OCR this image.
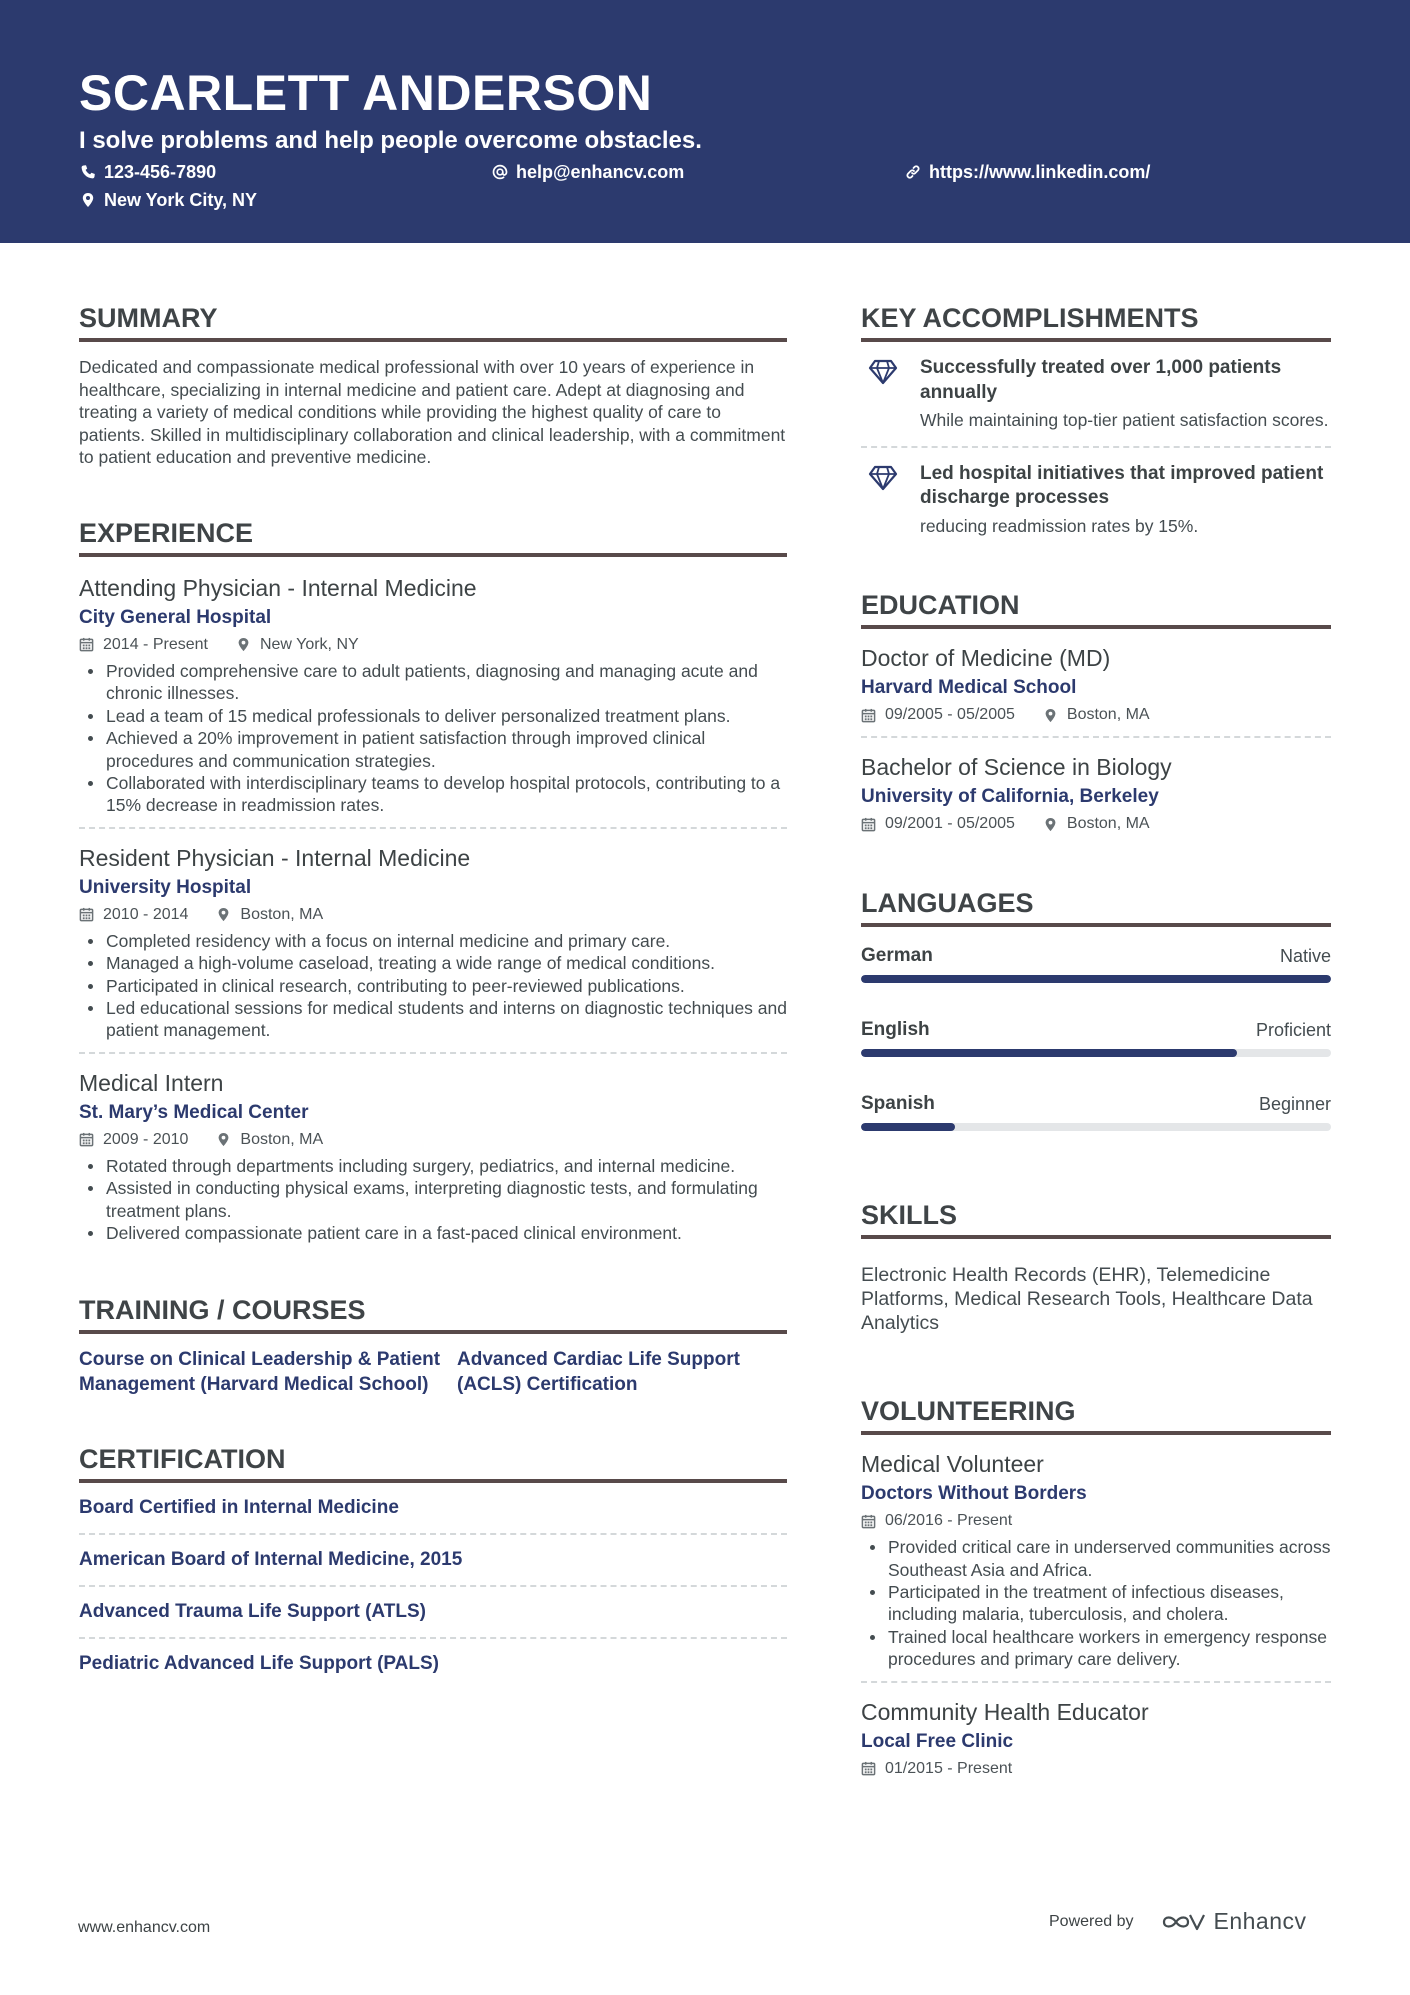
SCARLETT ANDERSON
I solve problems and help people overcome obstacles.
123-456-7890	help@enhancv.com	https://www.linkedin.com/
New York City, NY
SUMMARY
Dedicated and compassionate medical professional with over 10 years of experience in healthcare, specializing in internal medicine and patient care. Adept at diagnosing and treating a variety of medical conditions while providing the highest quality of care to patients. Skilled in multidisciplinary collaboration and clinical leadership, with a commitment to patient education and preventive medicine.
EXPERIENCE
Attending Physician - Internal Medicine
City General Hospital
2014 - Present	New York, NY
Provided comprehensive care to adult patients, diagnosing and managing acute and chronic illnesses.
Lead a team of 15 medical professionals to deliver personalized treatment plans.
Achieved a 20% improvement in patient satisfaction through improved clinical procedures and communication strategies.
Collaborated with interdisciplinary teams to develop hospital protocols, contributing to a 15% decrease in readmission rates.
Resident Physician - Internal Medicine
University Hospital
2010 - 2014	Boston, MA
Completed residency with a focus on internal medicine and primary care.
Managed a high-volume caseload, treating a wide range of medical conditions.
Participated in clinical research, contributing to peer-reviewed publications.
Led educational sessions for medical students and interns on diagnostic techniques and patient management.
Medical Intern
St. Mary’s Medical Center
2009 - 2010	Boston, MA
Rotated through departments including surgery, pediatrics, and internal medicine.
Assisted in conducting physical exams, interpreting diagnostic tests, and formulating treatment plans.
Delivered compassionate patient care in a fast-paced clinical environment.
TRAINING / COURSES
Course on Clinical Leadership & Patient Management (Harvard Medical School)
Advanced Cardiac Life Support (ACLS) Certification
CERTIFICATION
Board Certified in Internal Medicine
American Board of Internal Medicine, 2015
Advanced Trauma Life Support (ATLS)
Pediatric Advanced Life Support (PALS)
KEY ACCOMPLISHMENTS
Successfully treated over 1,000 patients annually
While maintaining top-tier patient satisfaction scores.
Led hospital initiatives that improved patient discharge processes
reducing readmission rates by 15%.
EDUCATION
Doctor of Medicine (MD)
Harvard Medical School
09/2005 - 05/2005	Boston, MA
Bachelor of Science in Biology
University of California, Berkeley
09/2001 - 05/2005	Boston, MA
LANGUAGES
German	Native
English	Proficient
Spanish	Beginner
SKILLS
Electronic Health Records (EHR), Telemedicine Platforms, Medical Research Tools, Healthcare Data Analytics
VOLUNTEERING
Medical Volunteer
Doctors Without Borders
06/2016 - Present
Provided critical care in underserved communities across Southeast Asia and Africa.
Participated in the treatment of infectious diseases, including malaria, tuberculosis, and cholera.
Trained local healthcare workers in emergency response procedures and primary care delivery.
Community Health Educator
Local Free Clinic
01/2015 - Present
www.enhancv.com	Powered by	Enhancv
